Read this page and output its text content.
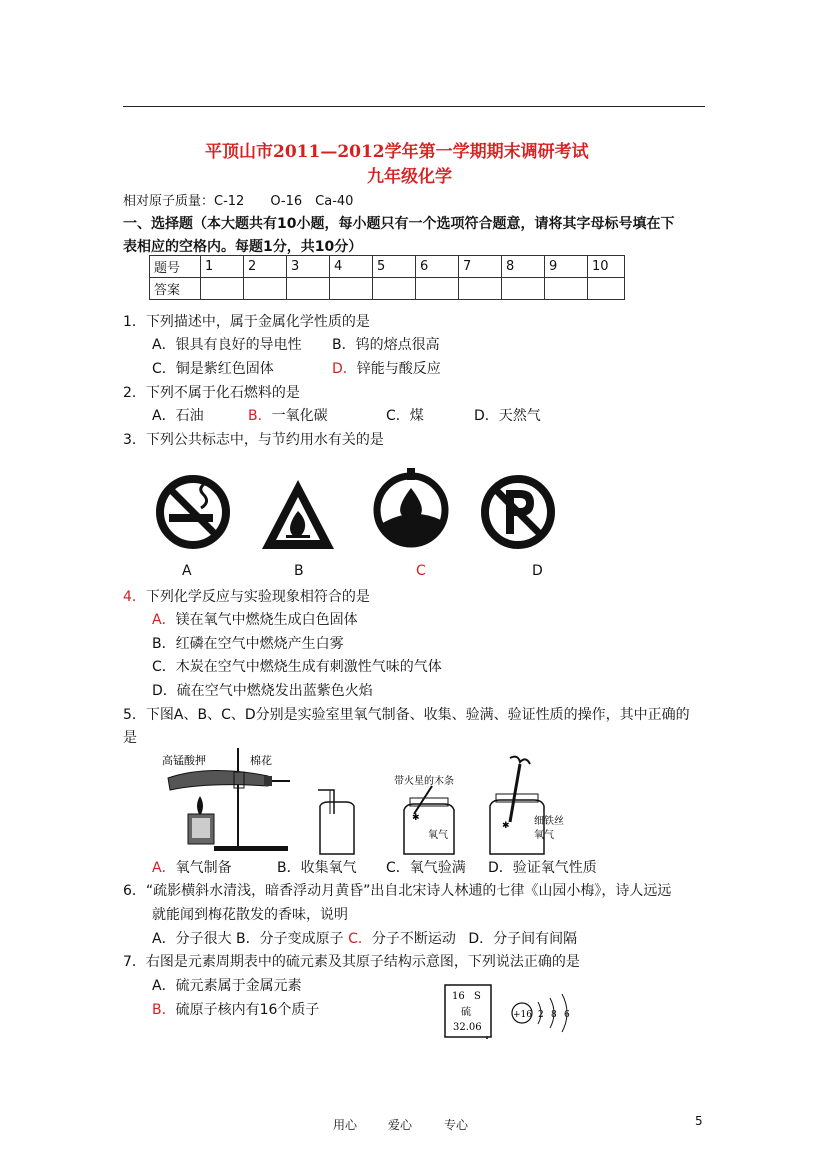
平顶山市2011—2012学年第一学期期末调研考试
九年级化学
相对原子质量：C-12　　O-16　Ca-40
一、选择题（本大题共有10小题，每小题只有一个选项符合题意，请将其字母标号填在下
表相应的空格内。每题1分，共10分）
题号	1	2	3	4	5	6	7	8	9	10
答案										
1．下列描述中，属于金属化学性质的是
A．银具有良好的导电性 B．钨的熔点很高
C．铜是紫红色固体	D．锌能与酸反应
2．下列不属于化石燃料的是
A．石油	B．一氧化碳	C．煤	D．天然气
3．下列公共标志中，与节约用水有关的是
A	B	C	D
4．下列化学反应与实验现象相符合的是
A．镁在氧气中燃烧生成白色固体
B．红磷在空气中燃烧产生白雾
C．木炭在空气中燃烧生成有刺激性气味的气体
D．硫在空气中燃烧发出蓝紫色火焰
5．下图A、B、C、D分别是实验室里氧气制备、收集、验满、验证性质的操作，其中正确的
是
高锰酸押	棉花
带火星的木条
✱
氧气
✱ 细铁丝
氧气
A．氧气制备	B．收集氧气 C．氧气验满 D．验证氧气性质
6．“疏影横斜水清浅，暗香浮动月黄昏”出自北宋诗人林逋的七律《山园小梅》，诗人远远
就能闻到梅花散发的香味，说明
A．分子很大 B．分子变成原子 C．分子不断运动 D．分子间有间隔
7．右图是元素周期表中的硫元素及其原子结构示意图，下列说法正确的是
A．硫元素属于金属元素
B．硫原子核内有16个质子
16 S
硫
32.06
+16 2 8 6
用心	爱心	专心	5
